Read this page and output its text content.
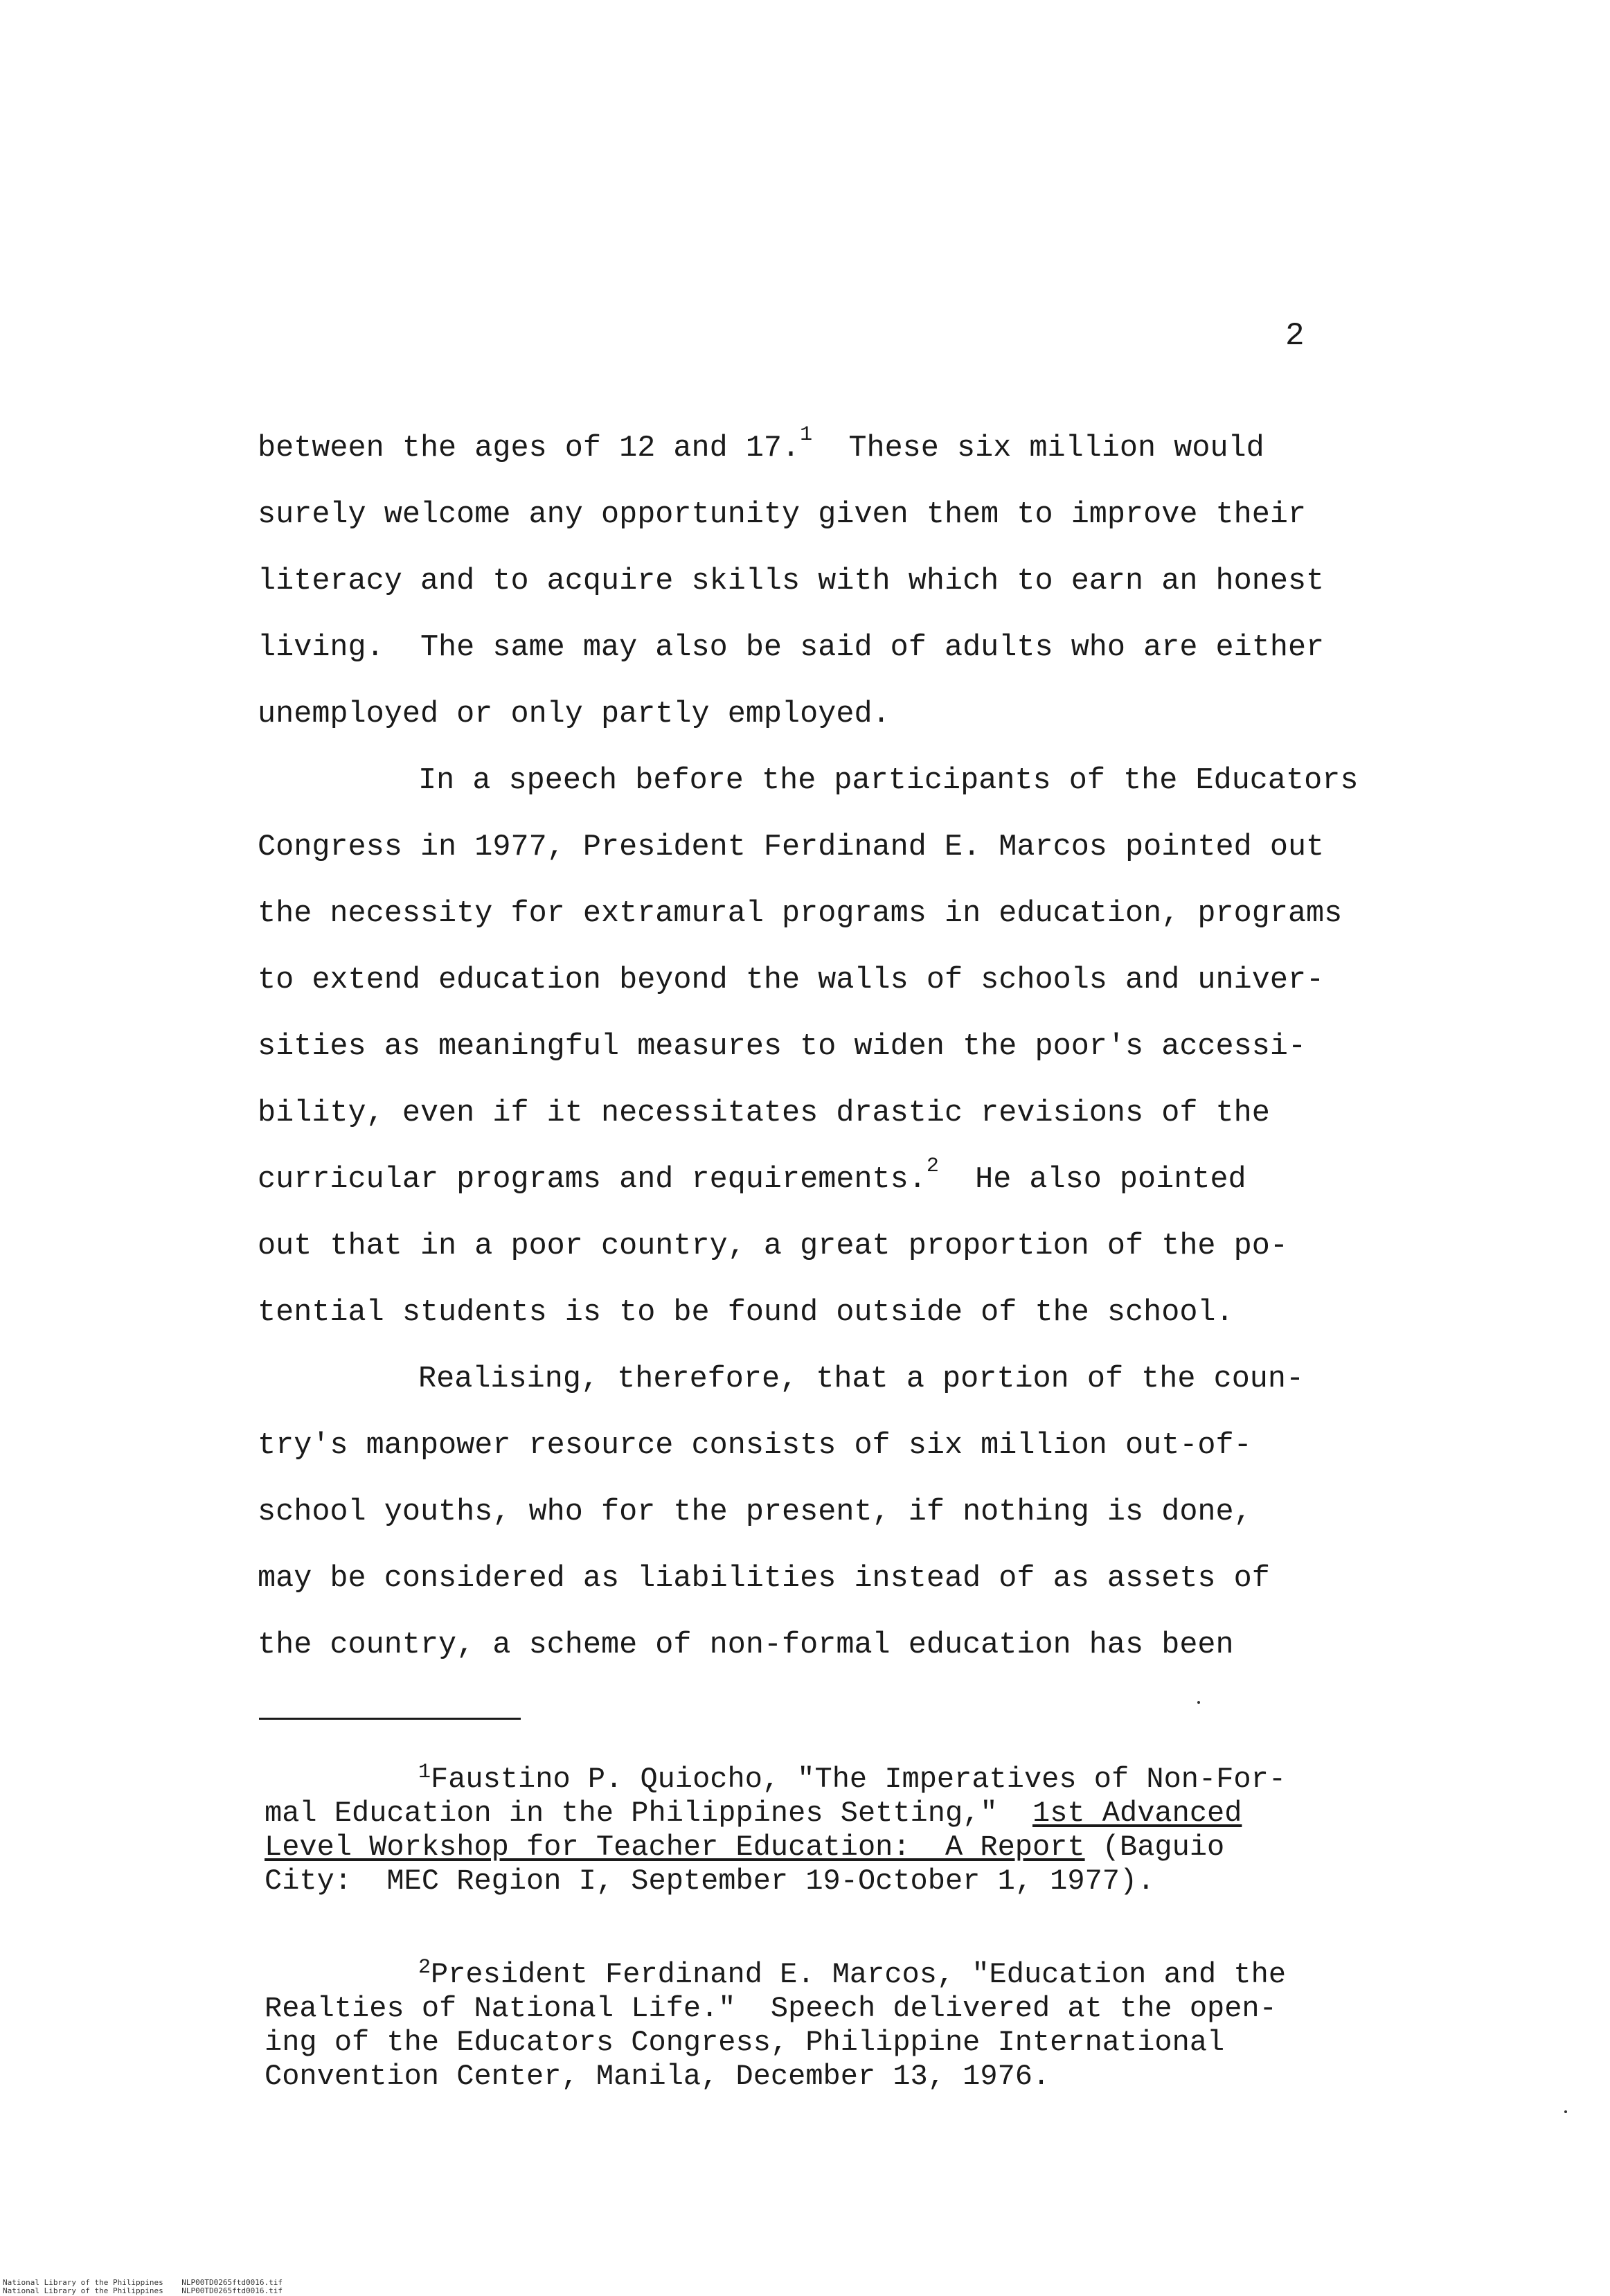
2
between the ages of 12 and 17.$^1$  These six million would
surely welcome any opportunity given them to improve their
literacy and to acquire skills with which to earn an honest
living.  The same may also be said of adults who are either
unemployed or only partly employed.
In a speech before the participants of the Educators
Congress in 1977, President Ferdinand E. Marcos pointed out
the necessity for extramural programs in education, programs
to extend education beyond the walls of schools and univer-
sities as meaningful measures to widen the poor's accessi-
bility, even if it necessitates drastic revisions of the
curricular programs and requirements.$^2$  He also pointed
out that in a poor country, a great proportion of the po-
tential students is to be found outside of the school.
Realising, therefore, that a portion of the coun-
try's manpower resource consists of six million out-of-
school youths, who for the present, if nothing is done,
may be considered as liabilities instead of as assets of
the country, a scheme of non-formal education has been
$^1$Faustino P. Quiocho, "The Imperatives of Non-For-
mal Education in the Philippines Setting,"  1st Advanced
Level Workshop for Teacher Education:  A Report (Baguio
City:  MEC Region I, September 19-October 1, 1977).
$^2$President Ferdinand E. Marcos, "Education and the
Realties of National Life."  Speech delivered at the open-
ing of the Educators Congress, Philippine International
Convention Center, Manila, December 13, 1976.
National Library of the Philippines    NLP00TD0265ftd0016.tif
National Library of the Philippines    NLP00TD0265ftd0016.tif
